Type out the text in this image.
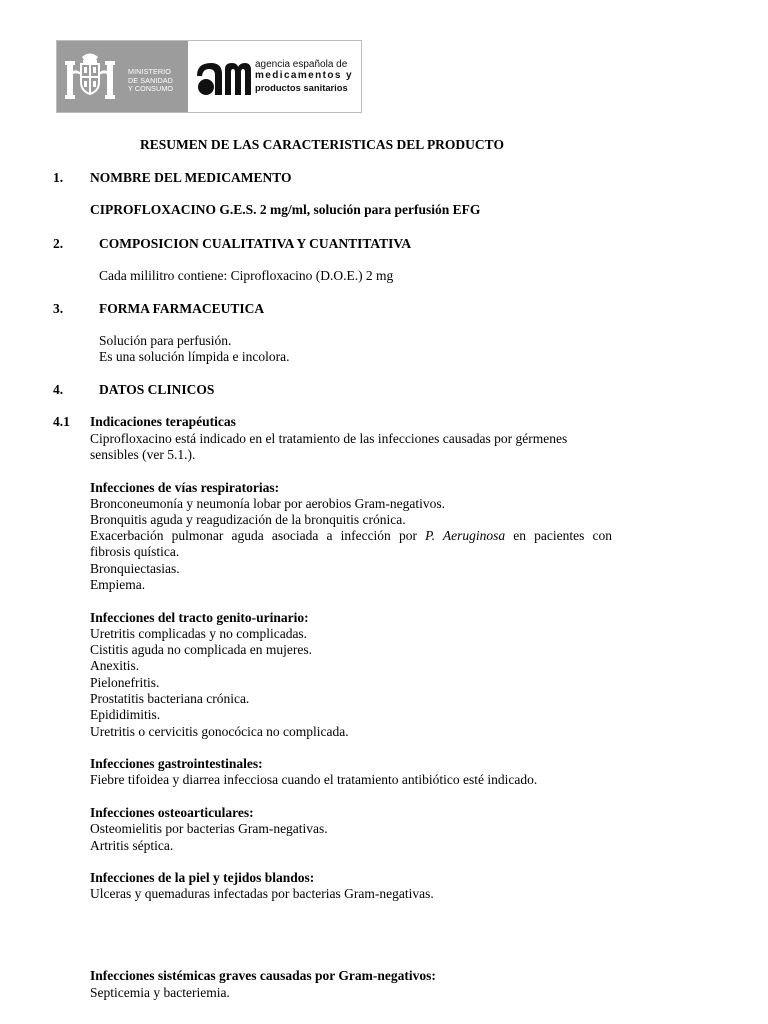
MINISTERIO
DE SANIDAD
Y CONSUMO
agencia española de
medicamentos y
productos sanitarios
RESUMEN DE LAS CARACTERISTICAS DEL PRODUCTO
1. NOMBRE DEL MEDICAMENTO
CIPROFLOXACINO G.E.S. 2 mg/ml, solución para perfusión EFG
2.	COMPOSICION CUALITATIVA Y CUANTITATIVA
Cada mililitro contiene: Ciprofloxacino (D.O.E.) 2 mg
3.	FORMA FARMACEUTICA
Solución para perfusión.
Es una solución límpida e incolora.
4.	DATOS CLINICOS
4.1 Indicaciones terapéuticas
Ciprofloxacino está indicado en el tratamiento de las infecciones causadas por gérmenes
sensibles (ver 5.1.).
Infecciones de vías respiratorias:
Bronconeumonía y neumonía lobar por aerobios Gram-negativos.
Bronquitis aguda y reagudización de la bronquitis crónica.
Exacerbación pulmonar aguda asociada a infección por P. Aeruginosa en pacientes con
fibrosis quística.
Bronquiectasias.
Empiema.
Infecciones del tracto genito-urinario:
Uretritis complicadas y no complicadas.
Cistitis aguda no complicada en mujeres.
Anexitis.
Pielonefritis.
Prostatitis bacteriana crónica.
Epididimitis.
Uretritis o cervicitis gonocócica no complicada.
Infecciones gastrointestinales:
Fiebre tifoidea y diarrea infecciosa cuando el tratamiento antibiótico esté indicado.
Infecciones osteoarticulares:
Osteomielitis por bacterias Gram-negativas.
Artritis séptica.
Infecciones de la piel y tejidos blandos:
Ulceras y quemaduras infectadas por bacterias Gram-negativas.
Infecciones sistémicas graves causadas por Gram-negativos:
Septicemia y bacteriemia.
